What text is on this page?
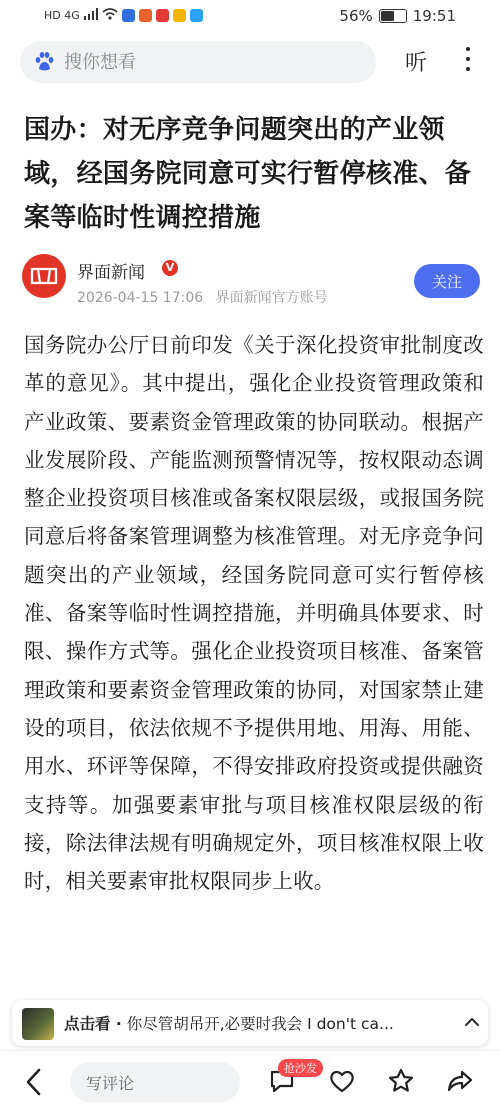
HD 4G	56%	19:51
搜你想看
听
国办：对无序竞争问题突出的产业领域，经国务院同意可实行暂停核准、备案等临时性调控措施
界面新闻	V
2026-04-15 17:06 界面新闻官方账号
关注
国务院办公厅日前印发《关于深化投资审批制度改革的意见》。其中提出，强化企业投资管理政策和产业政策、要素资金管理政策的协同联动。根据产业发展阶段、产能监测预警情况等，按权限动态调整企业投资项目核准或备案权限层级，或报国务院同意后将备案管理调整为核准管理。对无序竞争问题突出的产业领域，经国务院同意可实行暂停核准、备案等临时性调控措施，并明确具体要求、时限、操作方式等。强化企业投资项目核准、备案管理政策和要素资金管理政策的协同，对国家禁止建设的项目，依法依规不予提供用地、用海、用能、用水、环评等保障，不得安排政府投资或提供融资支持等。加强要素审批与项目核准权限层级的衔接，除法律法规有明确规定外，项目核准权限上收时，相关要素审批权限同步上收。
点击看 · 你尽管胡吊开,必要时我会 I don't ca...
写评论
抢沙发
